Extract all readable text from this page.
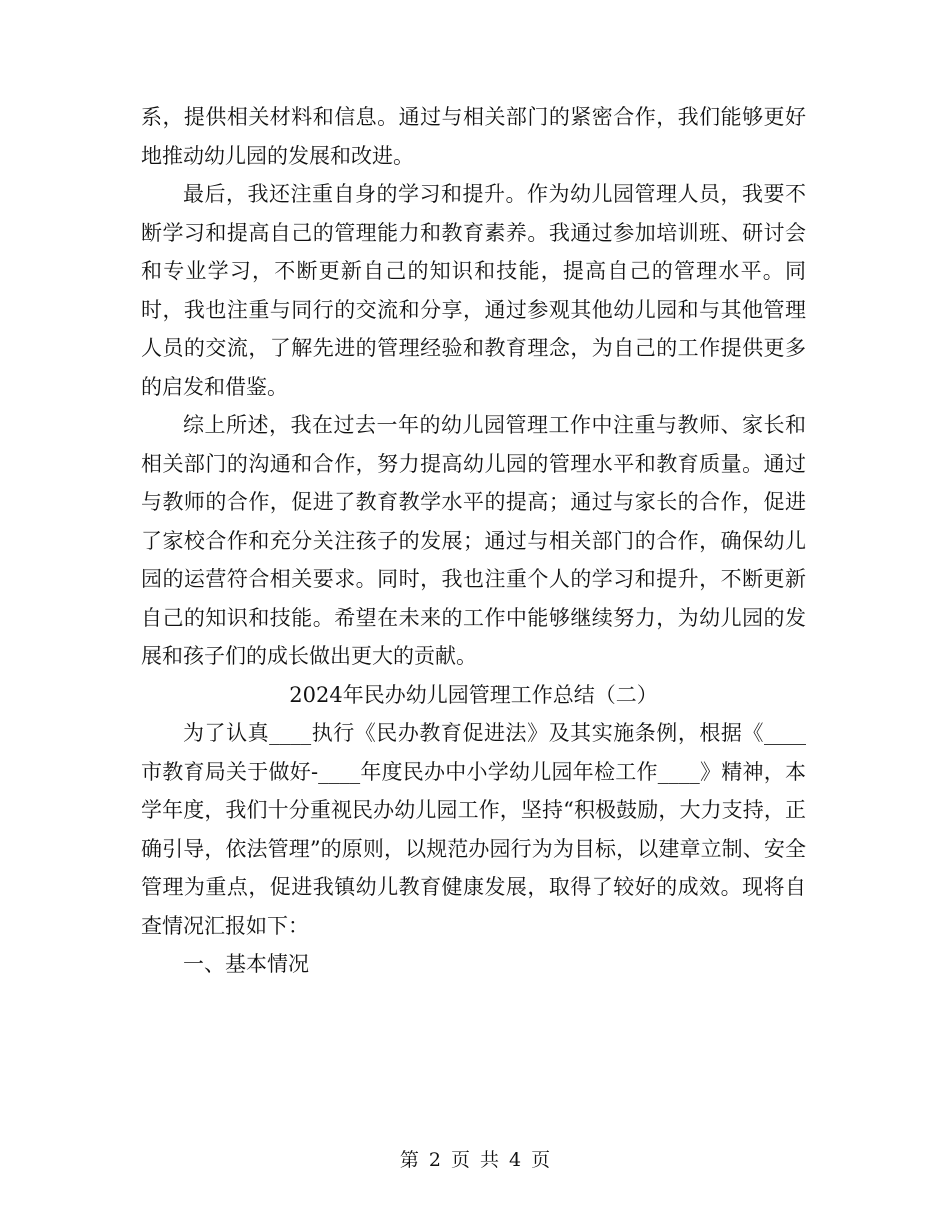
系，提供相关材料和信息。通过与相关部门的紧密合作，我们能够更好地推动幼儿园的发展和改进。

最后，我还注重自身的学习和提升。作为幼儿园管理人员，我要不断学习和提高自己的管理能力和教育素养。我通过参加培训班、研讨会和专业学习，不断更新自己的知识和技能，提高自己的管理水平。同时，我也注重与同行的交流和分享，通过参观其他幼儿园和与其他管理人员的交流，了解先进的管理经验和教育理念，为自己的工作提供更多的启发和借鉴。

综上所述，我在过去一年的幼儿园管理工作中注重与教师、家长和相关部门的沟通和合作，努力提高幼儿园的管理水平和教育质量。通过与教师的合作，促进了教育教学水平的提高；通过与家长的合作，促进了家校合作和充分关注孩子的发展；通过与相关部门的合作，确保幼儿园的运营符合相关要求。同时，我也注重个人的学习和提升，不断更新自己的知识和技能。希望在未来的工作中能够继续努力，为幼儿园的发展和孩子们的成长做出更大的贡献。

2024年民办幼儿园管理工作总结（二）

为了认真____执行《民办教育促进法》及其实施条例，根据《____市教育局关于做好-____年度民办中小学幼儿园年检工作____》精神，本学年度，我们十分重视民办幼儿园工作，坚持“积极鼓励，大力支持，正确引导，依法管理”的原则，以规范办园行为为目标，以建章立制、安全管理为重点，促进我镇幼儿教育健康发展，取得了较好的成效。现将自查情况汇报如下：

一、基本情况

第 2 页 共 4 页
